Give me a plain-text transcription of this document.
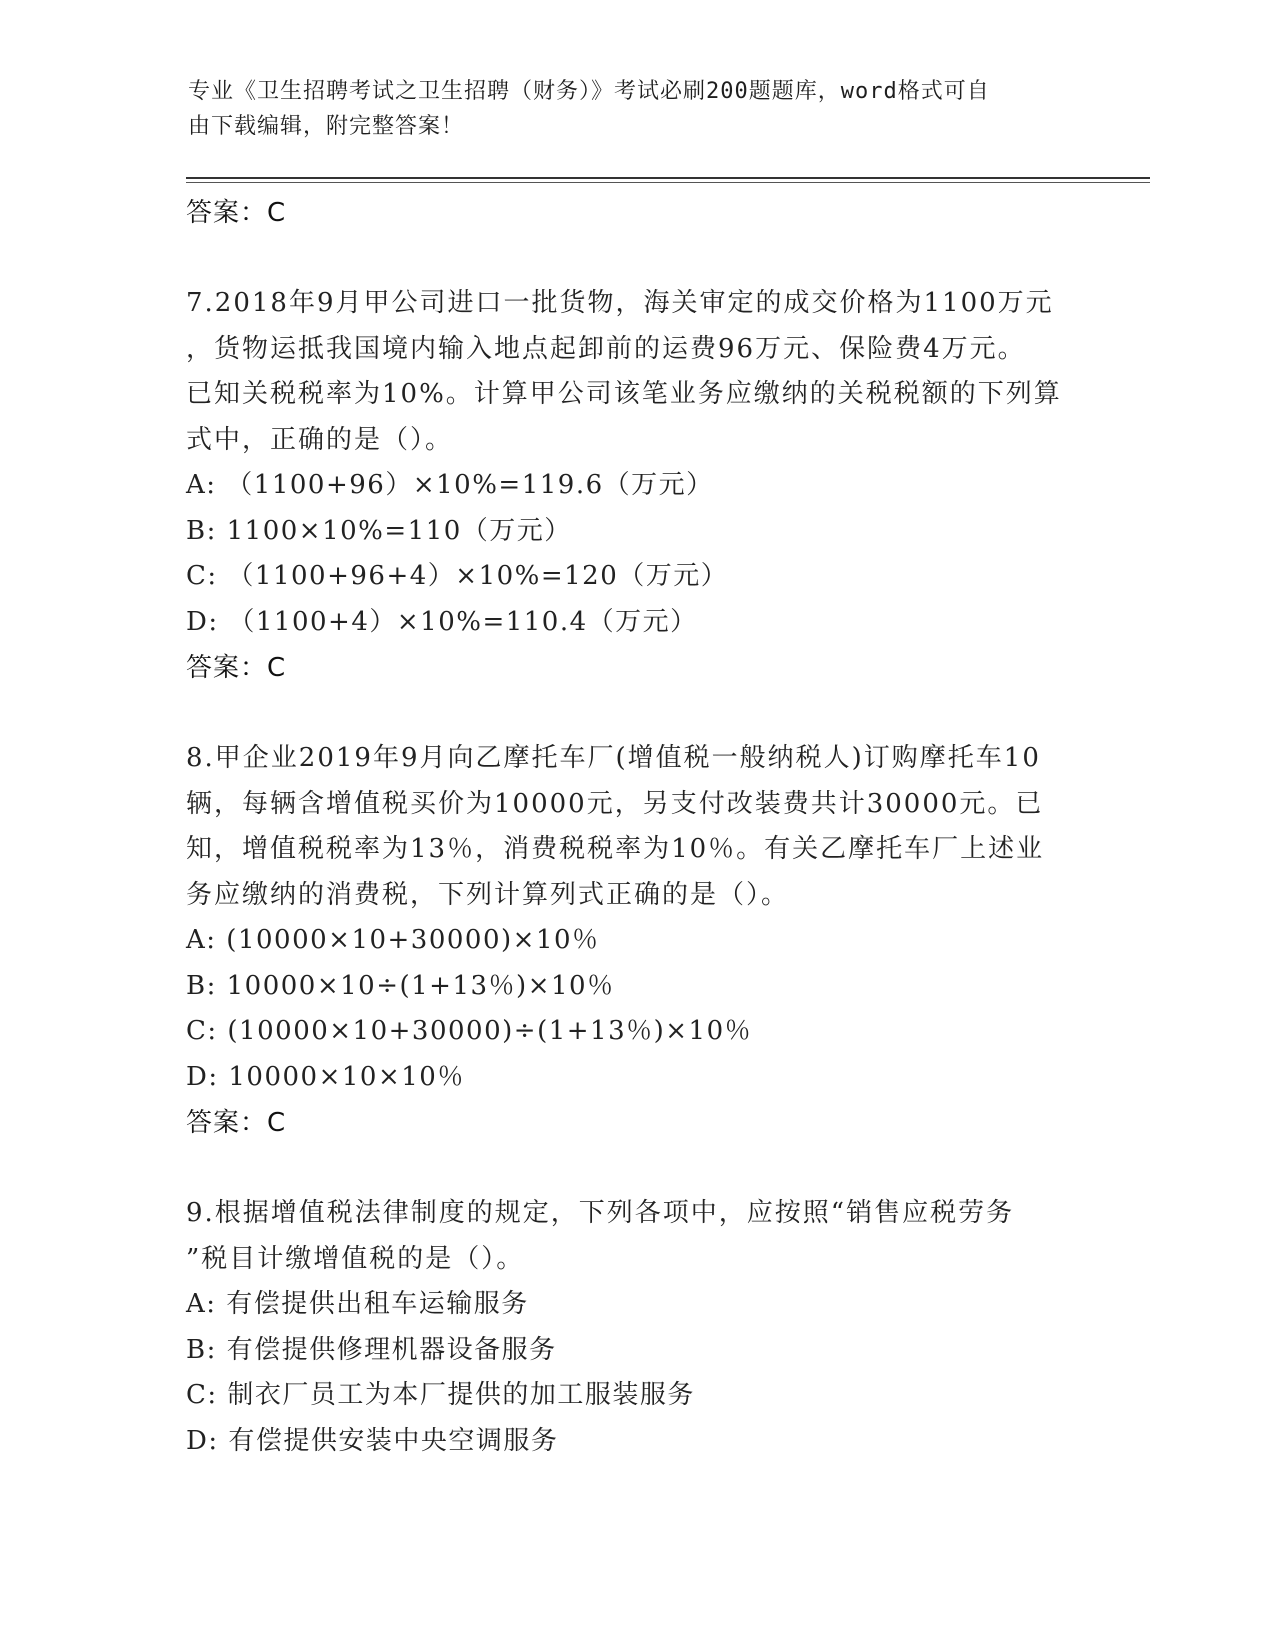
专业《卫生招聘考试之卫生招聘（财务）》考试必刷200题题库，word格式可自
由下载编辑，附完整答案！
答案：C
7.2018年9月甲公司进口一批货物，海关审定的成交价格为1100万元
，货物运抵我国境内输入地点起卸前的运费96万元、保险费4万元。
已知关税税率为10%。计算甲公司该笔业务应缴纳的关税税额的下列算
式中，正确的是（）。
A: （1100+96）×10%=119.6（万元）
B: 1100×10%=110（万元）
C: （1100+96+4）×10%=120（万元）
D: （1100+4）×10%=110.4（万元）
答案：C
8.甲企业2019年9月向乙摩托车厂(增值税一般纳税人)订购摩托车10
辆，每辆含增值税买价为10000元，另支付改装费共计30000元。已
知，增值税税率为13％，消费税税率为10％。有关乙摩托车厂上述业
务应缴纳的消费税，下列计算列式正确的是（）。
A: (10000×10+30000)×10％
B: 10000×10÷(1+13％)×10％
C: (10000×10+30000)÷(1+13％)×10％
D: 10000×10×10％
答案：C
9.根据增值税法律制度的规定，下列各项中，应按照“销售应税劳务
”税目计缴增值税的是（）。
A: 有偿提供出租车运输服务
B: 有偿提供修理机器设备服务
C: 制衣厂员工为本厂提供的加工服装服务
D: 有偿提供安装中央空调服务
